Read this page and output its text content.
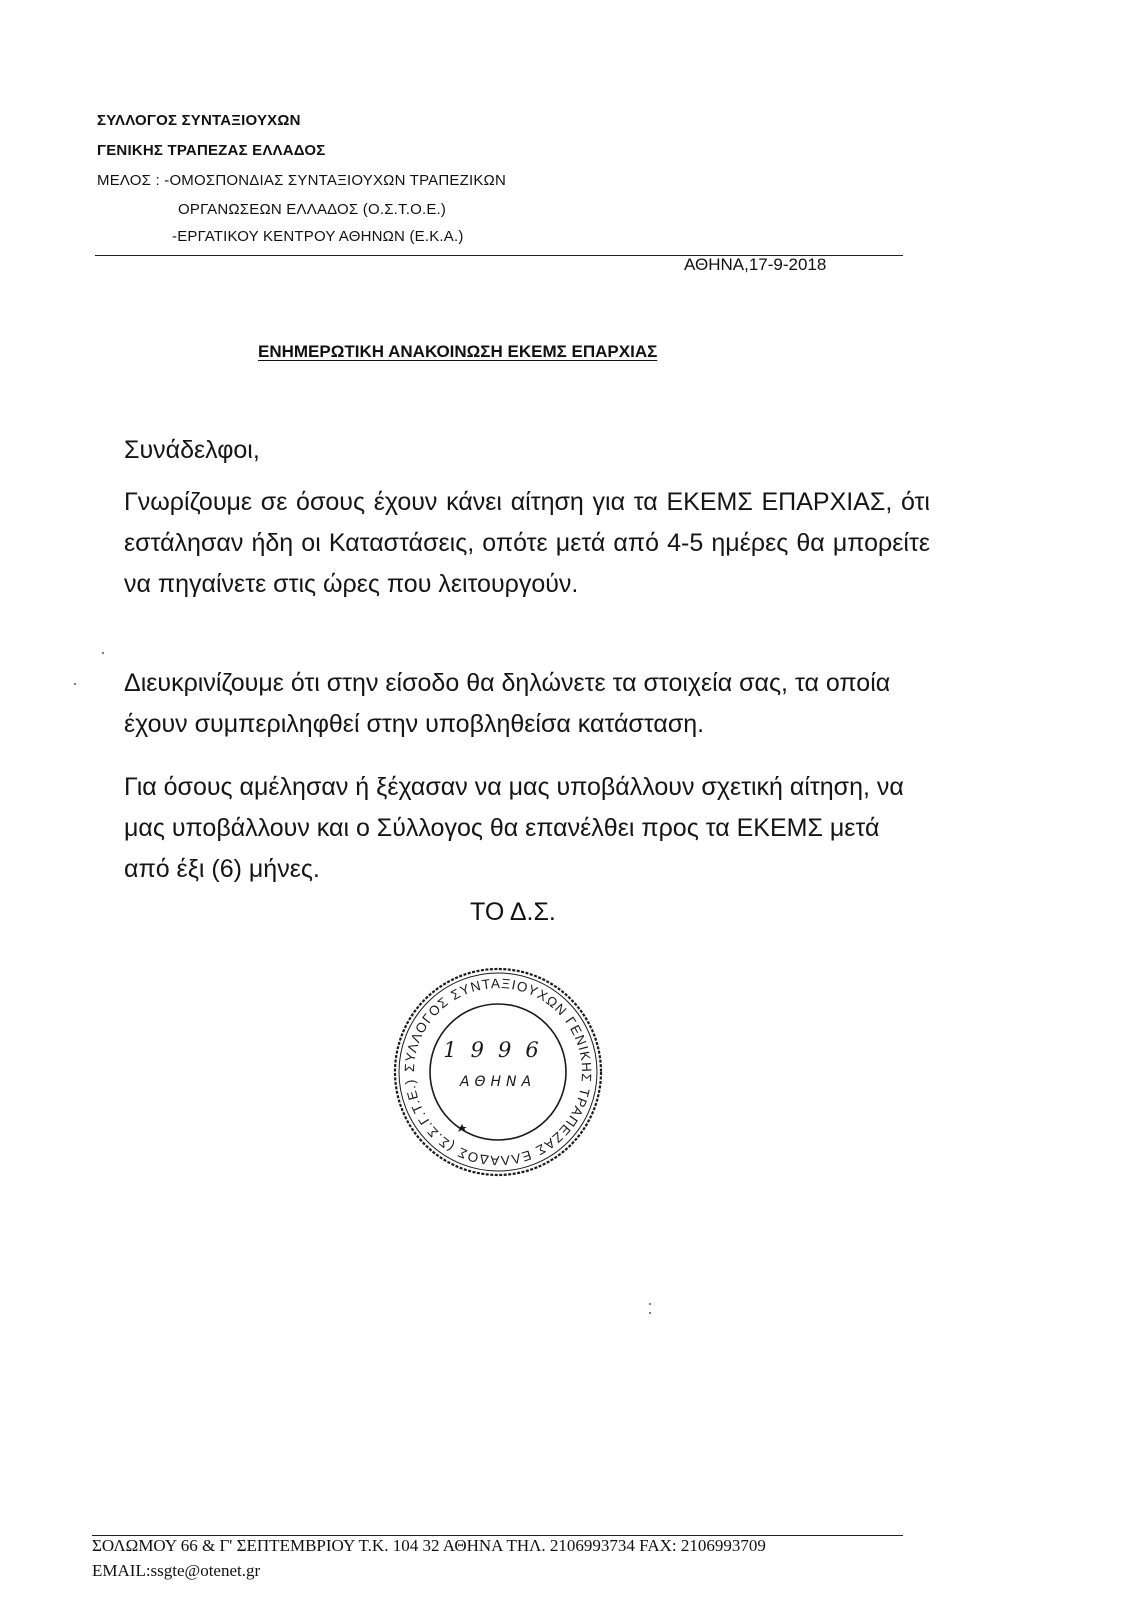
ΣΥΛΛΟΓΟΣ ΣΥΝΤΑΞΙΟΥΧΩΝ
ΓΕΝΙΚΗΣ ΤΡΑΠΕΖΑΣ ΕΛΛΑΔΟΣ
ΜΕΛΟΣ : -ΟΜΟΣΠΟΝΔΙΑΣ ΣΥΝΤΑΞΙΟΥΧΩΝ ΤΡΑΠΕΖΙΚΩΝ
ΟΡΓΑΝΩΣΕΩΝ ΕΛΛΑΔΟΣ (Ο.Σ.Τ.Ο.Ε.)
-ΕΡΓΑΤΙΚΟΥ ΚΕΝΤΡΟΥ ΑΘΗΝΩΝ (Ε.Κ.Α.)
ΑΘΗΝΑ,17-9-2018
ΕΝΗΜΕΡΩΤΙΚΗ ΑΝΑΚΟΙΝΩΣΗ ΕΚΕΜΣ ΕΠΑΡΧΙΑΣ
Συνάδελφοι,
Γνωρίζουμε σε όσους έχουν κάνει αίτηση για τα ΕΚΕΜΣ ΕΠΑΡΧΙΑΣ, ότι εστάλησαν ήδη οι Καταστάσεις, οπότε μετά από 4-5 ημέρες θα μπορείτε να πηγαίνετε στις ώρες που λειτουργούν.
Διευκρινίζουμε ότι στην είσοδο θα δηλώνετε τα στοιχεία σας, τα οποία έχουν συμπεριληφθεί στην υποβληθείσα κατάσταση.
Για όσους αμέλησαν ή ξέχασαν να μας υποβάλλουν σχετική αίτηση, να μας υποβάλλουν και ο Σύλλογος θα επανέλθει προς τα ΕΚΕΜΣ μετά από έξι (6) μήνες.
ΤΟ Δ.Σ.
ΣΥΛΛΟΓΟΣ ΣΥΝΤΑΞΙΟΥΧΩΝ ΓΕΝΙΚΗΣ ΤΡΑΠΕΖΑΣ ΕΛΛΑΔΟΣ (Σ.Σ.Γ.Τ.Ε.)
1996
ΑΘΗΝΑ
ΣΟΛΩΜΟΥ 66 & Γ' ΣΕΠΤΕΜΒΡΙΟΥ Τ.Κ. 104 32 ΑΘΗΝΑ ΤΗΛ. 2106993734 FAX: 2106993709
EMAIL:ssgte@otenet.gr
